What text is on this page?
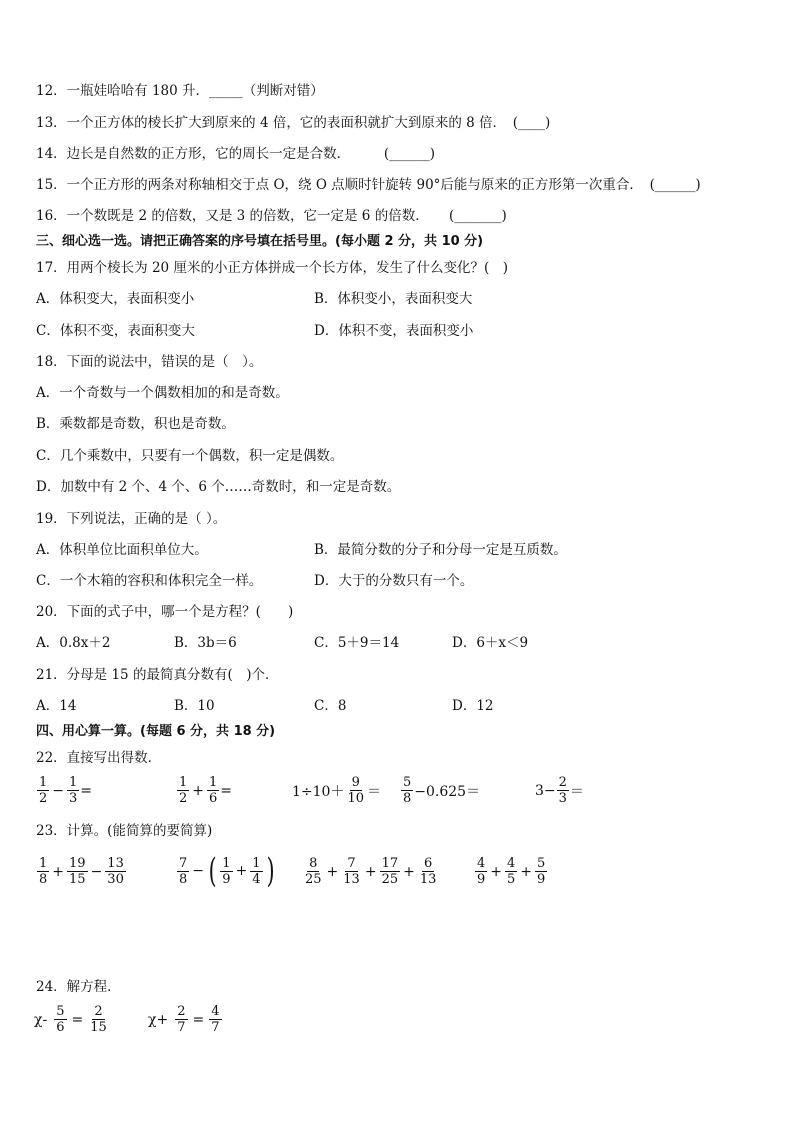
12．一瓶娃哈哈有 180 升．_____（判断对错）
13．一个正方体的棱长扩大到原来的 4 倍，它的表面积就扩大到原来的 8 倍．　(____)
14．边长是自然数的正方形，它的周长一定是合数．　　　(______)
15．一个正方形的两条对称轴相交于点 O，绕 O 点顺时针旋转 90°后能与原来的正方形第一次重合．　(______)
16．一个数既是 2 的倍数，又是 3 的倍数，它一定是 6 的倍数．　　(_______)
三、细心选一选。请把正确答案的序号填在括号里。(每小题 2 分，共 10 分)
17．用两个棱长为 20 厘米的小正方体拼成一个长方体，发生了什么变化？(　)
A．体积变大，表面积变小	B．体积变小，表面积变大
C．体积不变，表面积变大	D．体积不变，表面积变小
18．下面的说法中，错误的是（　）。
A．一个奇数与一个偶数相加的和是奇数。
B．乘数都是奇数，积也是奇数。
C．几个乘数中，只要有一个偶数，积一定是偶数。
D．加数中有 2 个、4 个、6 个……奇数时，和一定是奇数。
19．下列说法，正确的是（ ）。
A．体积单位比面积单位大。	B．最简分数的分子和分母一定是互质数。
C．一个木箱的容积和体积完全一样。	D．大于的分数只有一个。
20．下面的式子中，哪一个是方程？(　　)
A．0.8x＋2	B．3b＝6	C．5＋9＝14	D．6＋x＜9
21．分母是 15 的最简真分数有(　)个．
A．14	B．10	C．8	D．12
四、用心算一算。(每题 6 分，共 18 分)
22．直接写出得数．
$\frac{1}{2} - \frac{1}{3}$ =	$\frac{1}{2} + \frac{1}{6}$ =	$1\div 10+ \frac{9}{10} = \frac{5}{8} -0.625=$	$3- \frac{2}{3}$ ＝
23．计算。(能简算的要简算)
$\frac{1}{8} + \frac{19}{15} - \frac{13}{30}$	$\frac{7}{8}$ − ( $\frac{1}{9} + \frac{1}{4}$ ) $\frac{8}{25} + \frac{7}{13} + \frac{17}{25} + \frac{6}{13}$	$\frac{4}{9} + \frac{4}{5} + \frac{5}{9}$
24．解方程．
$\chi- \frac{5}{6} = \frac{2}{15}$	$\chi+ \frac{2}{7} = \frac{4}{7}$
